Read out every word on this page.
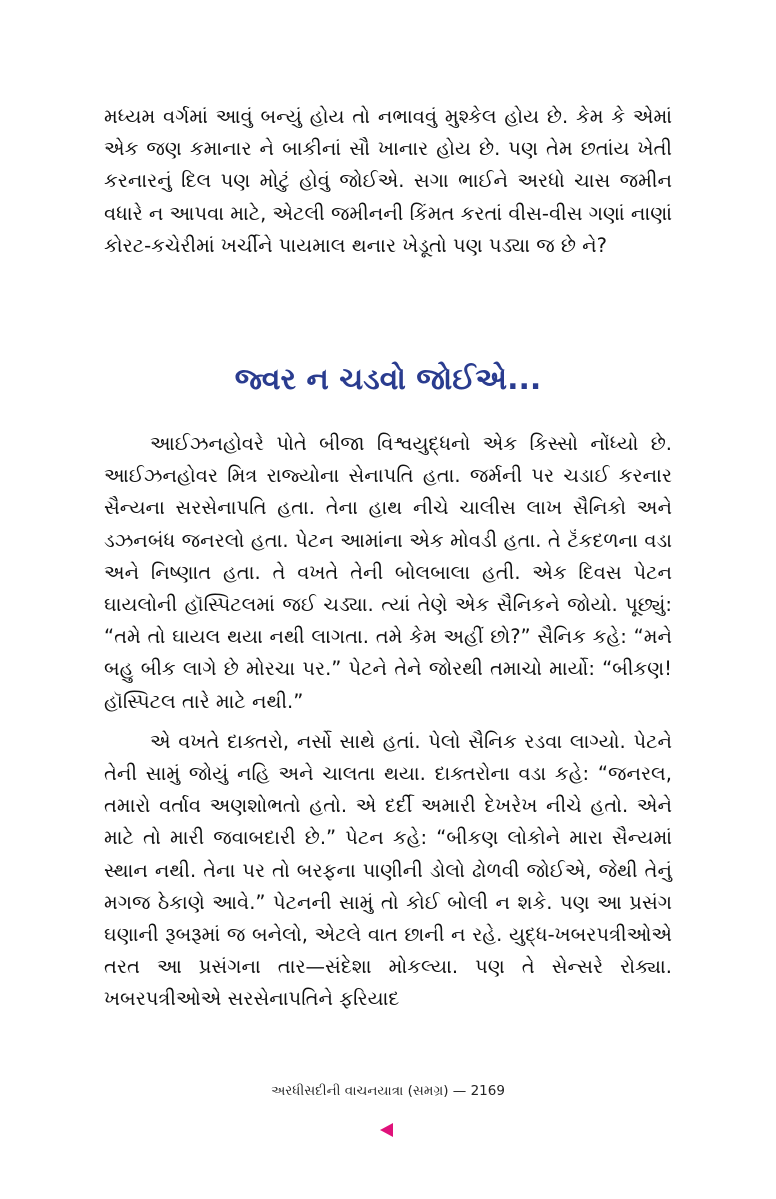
મધ્યમ વર્ગમાં આવું બન્યું હોય તો નભાવવું મુશ્કેલ હોય છે. કેમ કે એમાં એક જણ કમાનાર ને બાકીનાં સૌ ખાનાર હોય છે. પણ તેમ છતાંય ખેતી કરનારનું દિલ પણ મોટું હોવું જોઈએ. સગા ભાઈને અરધો ચાસ જમીન વધારે ન આપવા માટે, એટલી જમીનની કિંમત કરતાં વીસ-વીસ ગણાં નાણાં કોરટ-કચેરીમાં ખર્ચીને પાયમાલ થનાર ખેડૂતો પણ પડ્યા જ છે ને?

જ્વર ન ચડવો જોઈએ...

આઈઝનહોવરે પોતે બીજા વિશ્વયુદ્ધનો એક કિસ્સો નોંધ્યો છે. આઈઝનહોવર મિત્ર રાજ્યોના સેનાપતિ હતા. જર્મની પર ચડાઈ કરનાર સૈન્યના સરસેનાપતિ હતા. તેના હાથ નીચે ચાલીસ લાખ સૈનિકો અને ડઝનબંધ જનરલો હતા. પેટન આમાંના એક મોવડી હતા. તે ટૅંકદળના વડા અને નિષ્ણાત હતા. તે વખતે તેની બોલબાલા હતી. એક દિવસ પેટન ઘાયલોની હૉસ્પિટલમાં જઈ ચડ્યા. ત્યાં તેણે એક સૈનિકને જોયો. પૂછ્યું: “તમે તો ઘાયલ થયા નથી લાગતા. તમે કેમ અહીં છો?” સૈનિક કહે: “મને બહુ બીક લાગે છે મોરચા પર.” પેટને તેને જોરથી તમાચો માર્યો: “બીકણ! હૉસ્પિટલ તારે માટે નથી.”

એ વખતે દાક્તરો, નર્સો સાથે હતાં. પેલો સૈનિક રડવા લાગ્યો. પેટને તેની સામું જોયું નહિ અને ચાલતા થયા. દાક્તરોના વડા કહે: “જનરલ, તમારો વર્તાવ અણશોભતો હતો. એ દર્દી અમારી દેખરેખ નીચે હતો. એને માટે તો મારી જવાબદારી છે.” પેટન કહે: “બીકણ લોકોને મારા સૈન્યમાં સ્થાન નથી. તેના પર તો બરફના પાણીની ડોલો ઢોળવી જોઈએ, જેથી તેનું મગજ ઠેકાણે આવે.” પેટનની સામું તો કોઈ બોલી ન શકે. પણ આ પ્રસંગ ઘણાની રૂબરૂમાં જ બનેલો, એટલે વાત છાની ન રહે. યુદ્ધ-ખબરપત્રીઓએ તરત આ પ્રસંગના તાર—સંદેશા મોકલ્યા. પણ તે સેન્સરે રોક્યા. ખબરપત્રીઓએ સરસેનાપતિને ફરિયાદ

અરધીસદીની વાચનયાત્રા (સમગ્ર) — 2169
